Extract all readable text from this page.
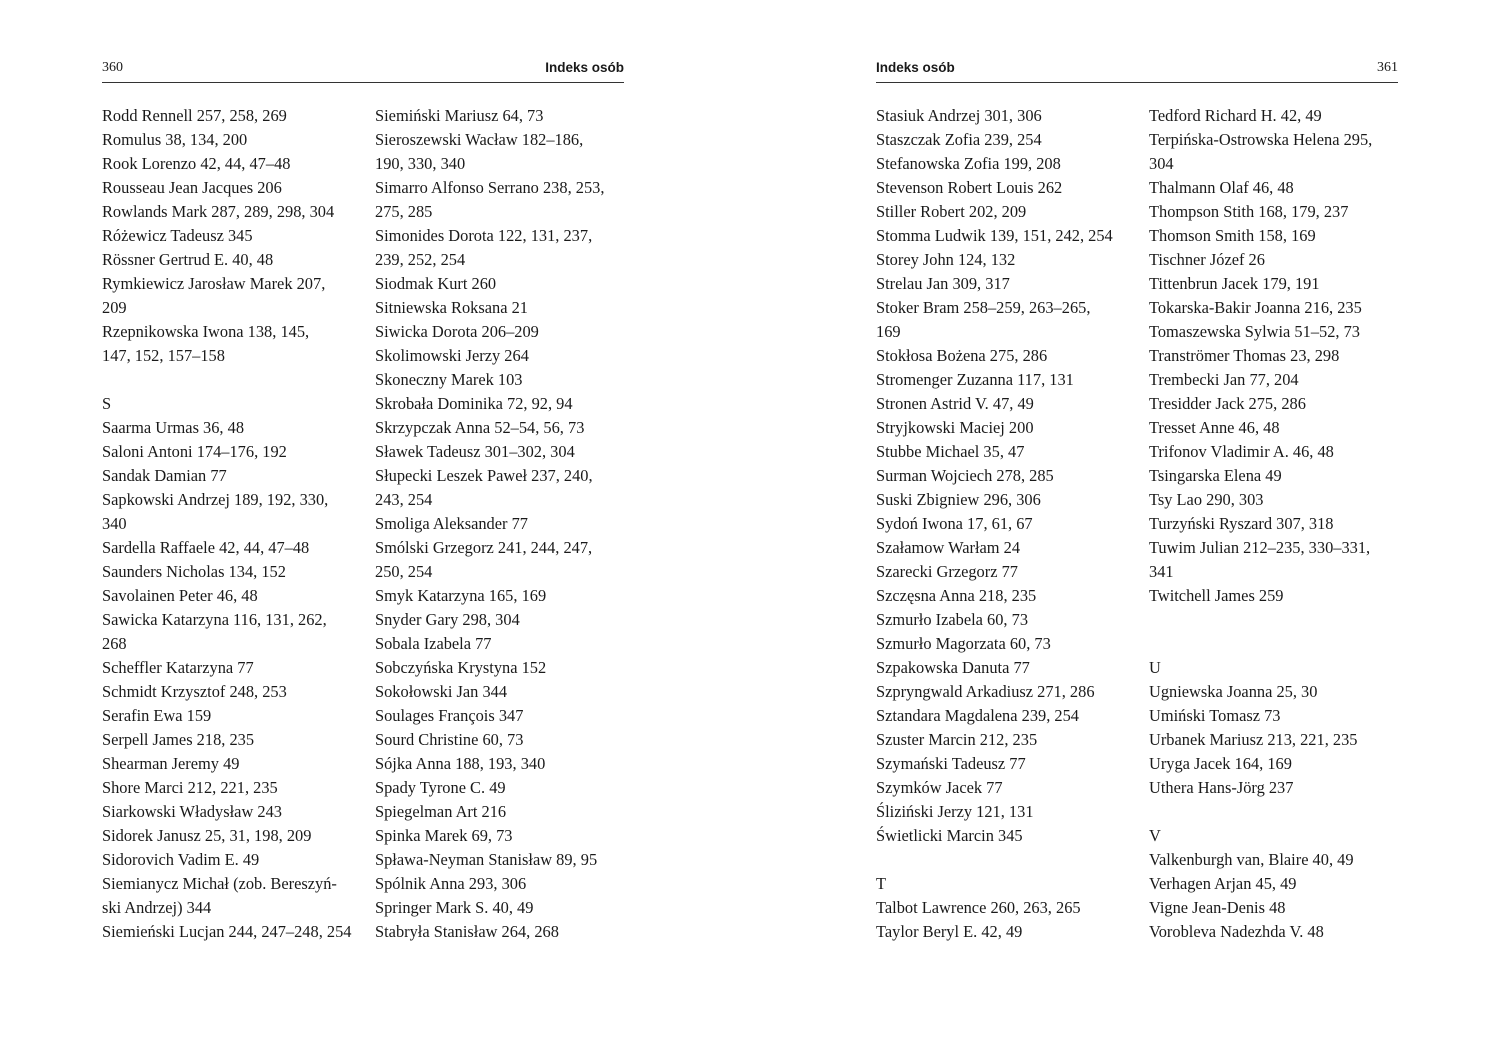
360	Indeks osób
Rodd Rennell 257, 258, 269
Romulus 38, 134, 200
Rook Lorenzo 42, 44, 47–48
Rousseau Jean Jacques 206
Rowlands Mark 287, 289, 298, 304
Różewicz Tadeusz 345
Rössner Gertrud E. 40, 48
Rymkiewicz Jarosław Marek 207,
209
Rzepnikowska Iwona 138, 145,
147, 152, 157–158
S
Saarma Urmas 36, 48
Saloni Antoni 174–176, 192
Sandak Damian 77
Sapkowski Andrzej 189, 192, 330,
340
Sardella Raffaele 42, 44, 47–48
Saunders Nicholas 134, 152
Savolainen Peter 46, 48
Sawicka Katarzyna 116, 131, 262,
268
Scheffler Katarzyna 77
Schmidt Krzysztof 248, 253
Serafin Ewa 159
Serpell James 218, 235
Shearman Jeremy 49
Shore Marci 212, 221, 235
Siarkowski Władysław 243
Sidorek Janusz 25, 31, 198, 209
Sidorovich Vadim E. 49
Siemianycz Michał (zob. Bereszyń-
ski Andrzej) 344
Siemieński Lucjan 244, 247–248, 254
Siemiński Mariusz 64, 73
Sieroszewski Wacław 182–186,
190, 330, 340
Simarro Alfonso Serrano 238, 253,
275, 285
Simonides Dorota 122, 131, 237,
239, 252, 254
Siodmak Kurt 260
Sitniewska Roksana 21
Siwicka Dorota 206–209
Skolimowski Jerzy 264
Skoneczny Marek 103
Skrobała Dominika 72, 92, 94
Skrzypczak Anna 52–54, 56, 73
Sławek Tadeusz 301–302, 304
Słupecki Leszek Paweł 237, 240,
243, 254
Smoliga Aleksander 77
Smólski Grzegorz 241, 244, 247,
250, 254
Smyk Katarzyna 165, 169
Snyder Gary 298, 304
Sobala Izabela 77
Sobczyńska Krystyna 152
Sokołowski Jan 344
Soulages François 347
Sourd Christine 60, 73
Sójka Anna 188, 193, 340
Spady Tyrone C. 49
Spiegelman Art 216
Spinka Marek 69, 73
Spława-Neyman Stanisław 89, 95
Spólnik Anna 293, 306
Springer Mark S. 40, 49
Stabryła Stanisław 264, 268
Indeks osób	361
Stasiuk Andrzej 301, 306
Staszczak Zofia 239, 254
Stefanowska Zofia 199, 208
Stevenson Robert Louis 262
Stiller Robert 202, 209
Stomma Ludwik 139, 151, 242, 254
Storey John 124, 132
Strelau Jan 309, 317
Stoker Bram 258–259, 263–265,
169
Stokłosa Bożena 275, 286
Stromenger Zuzanna 117, 131
Stronen Astrid V. 47, 49
Stryjkowski Maciej 200
Stubbe Michael 35, 47
Surman Wojciech 278, 285
Suski Zbigniew 296, 306
Sydoń Iwona 17, 61, 67
Szałamow Warłam 24
Szarecki Grzegorz 77
Szczęsna Anna 218, 235
Szmurło Izabela 60, 73
Szmurło Magorzata 60, 73
Szpakowska Danuta 77
Szpryngwald Arkadiusz 271, 286
Sztandara Magdalena 239, 254
Szuster Marcin 212, 235
Szymański Tadeusz 77
Szymków Jacek 77
Śliziński Jerzy 121, 131
Świetlicki Marcin 345
T
Talbot Lawrence 260, 263, 265
Taylor Beryl E. 42, 49
Tedford Richard H. 42, 49
Terpińska-Ostrowska Helena 295,
304
Thalmann Olaf 46, 48
Thompson Stith 168, 179, 237
Thomson Smith 158, 169
Tischner Józef 26
Tittenbrun Jacek 179, 191
Tokarska-Bakir Joanna 216, 235
Tomaszewska Sylwia 51–52, 73
Tranströmer Thomas 23, 298
Trembecki Jan 77, 204
Tresidder Jack 275, 286
Tresset Anne 46, 48
Trifonov Vladimir A. 46, 48
Tsingarska Elena 49
Tsy Lao 290, 303
Turzyński Ryszard 307, 318
Tuwim Julian 212–235, 330–331,
341
Twitchell James 259
U
Ugniewska Joanna 25, 30
Umiński Tomasz 73
Urbanek Mariusz 213, 221, 235
Uryga Jacek 164, 169
Uthera Hans-Jörg 237
V
Valkenburgh van, Blaire 40, 49
Verhagen Arjan 45, 49
Vigne Jean-Denis 48
Vorobleva Nadezhda V. 48
